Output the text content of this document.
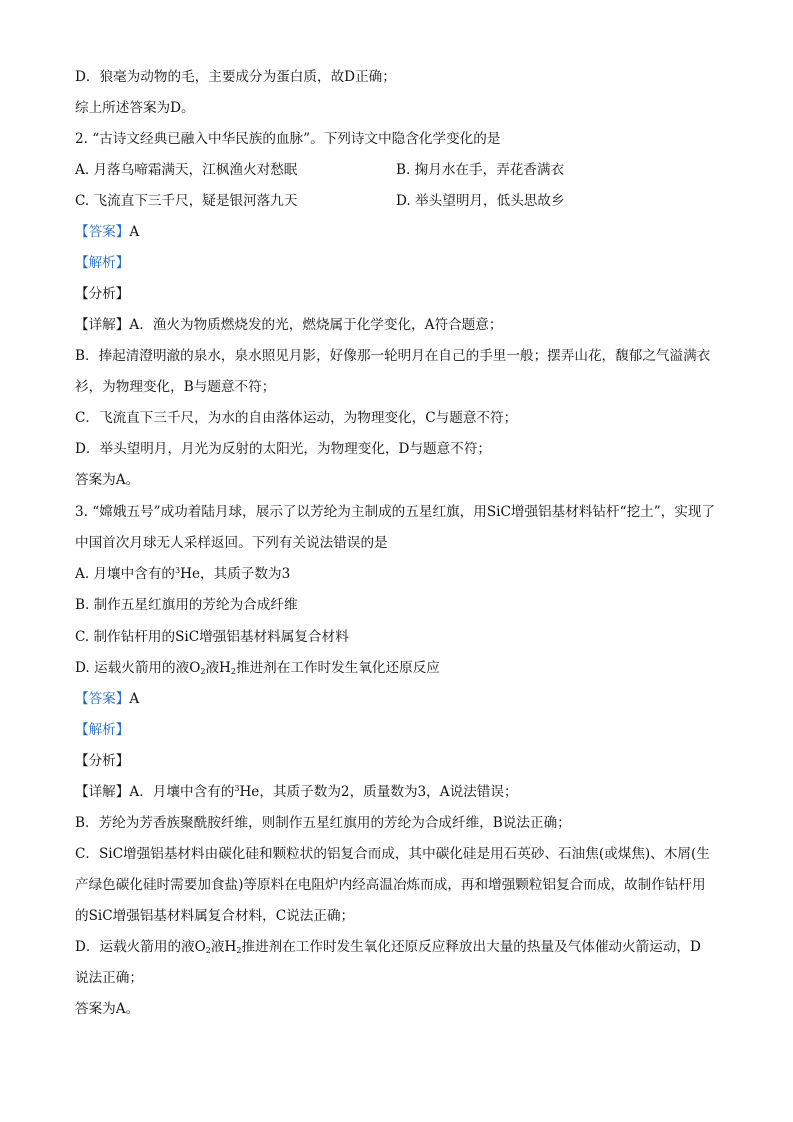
D．狼毫为动物的毛，主要成分为蛋白质，故D正确；
综上所述答案为D。
2. “古诗文经典已融入中华民族的血脉”。下列诗文中隐含化学变化的是
A. 月落乌啼霜满天，江枫渔火对愁眠	B. 掬月水在手，弄花香满衣
C. 飞流直下三千尺，疑是银河落九天	D. 举头望明月，低头思故乡
【答案】A
【解析】
【分析】
【详解】A．渔火为物质燃烧发的光，燃烧属于化学变化，A符合题意；
B．捧起清澄明澈的泉水，泉水照见月影，好像那一轮明月在自己的手里一般；摆弄山花，馥郁之气溢满衣
衫，为物理变化，B与题意不符；
C．飞流直下三千尺，为水的自由落体运动，为物理变化，C与题意不符；
D．举头望明月，月光为反射的太阳光，为物理变化，D与题意不符；
答案为A。
3. “嫦娥五号”成功着陆月球，展示了以芳纶为主制成的五星红旗，用SiC增强铝基材料钻杆“挖土”，实现了
中国首次月球无人采样返回。下列有关说法错误的是
A. 月壤中含有的$^3$He，其质子数为3
B. 制作五星红旗用的芳纶为合成纤维
C. 制作钻杆用的SiC增强铝基材料属复合材料
D. 运载火箭用的液$O_2$液$H_2$推进剂在工作时发生氧化还原反应
【答案】A
【解析】
【分析】
【详解】A．月壤中含有的$^3$He，其质子数为2，质量数为3，A说法错误；
B．芳纶为芳香族聚酰胺纤维，则制作五星红旗用的芳纶为合成纤维，B说法正确；
C．SiC增强铝基材料由碳化硅和颗粒状的铝复合而成，其中碳化硅是用石英砂、石油焦(或煤焦)、木屑(生
产绿色碳化硅时需要加食盐)等原料在电阻炉内经高温冶炼而成，再和增强颗粒铝复合而成，故制作钻杆用
的SiC增强铝基材料属复合材料，C说法正确；
D．运载火箭用的液$O_2$液$H_2$推进剂在工作时发生氧化还原反应释放出大量的热量及气体催动火箭运动，D
说法正确；
答案为A。
